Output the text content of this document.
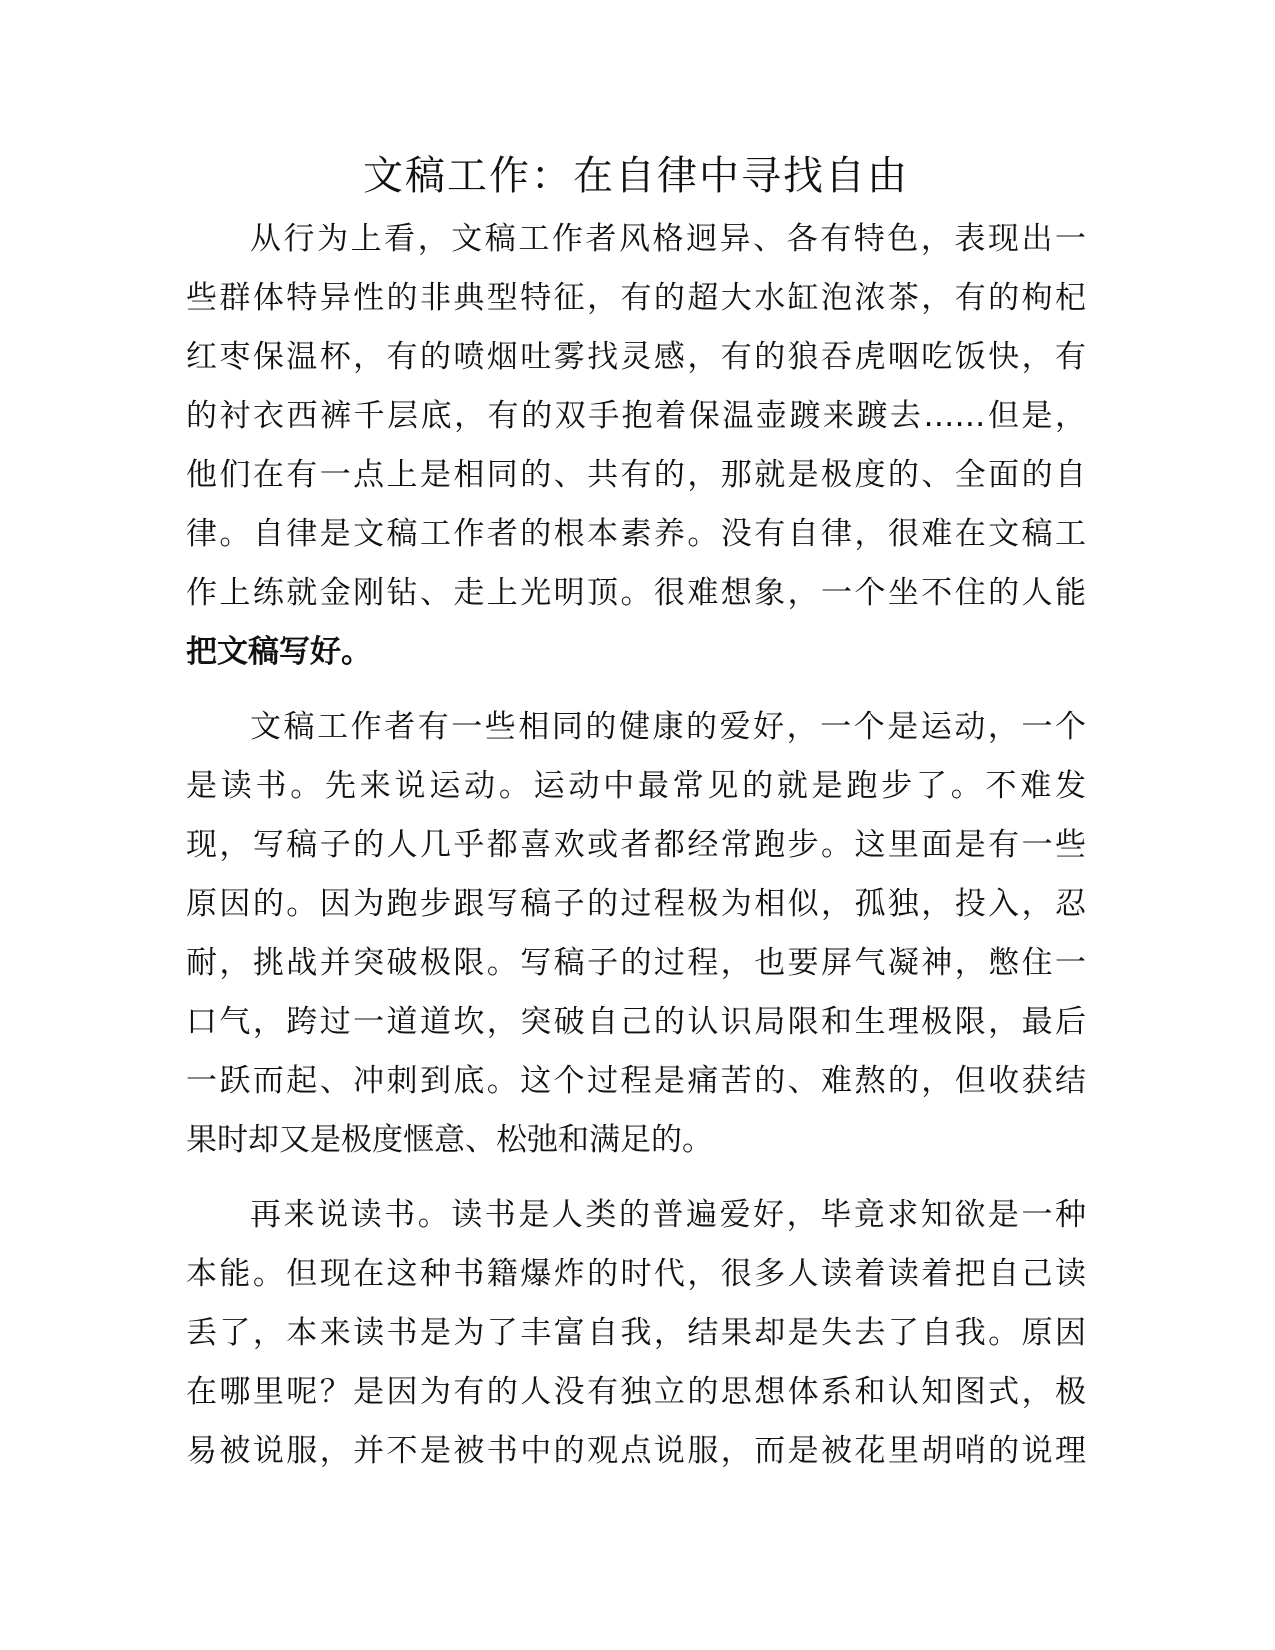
文稿工作：在自律中寻找自由
从行为上看，文稿工作者风格迥异、各有特色，表现出一
些群体特异性的非典型特征，有的超大水缸泡浓茶，有的枸杞
红枣保温杯，有的喷烟吐雾找灵感，有的狼吞虎咽吃饭快，有
的衬衣西裤千层底，有的双手抱着保温壶踱来踱去……但是，
他们在有一点上是相同的、共有的，那就是极度的、全面的自
律。自律是文稿工作者的根本素养。没有自律，很难在文稿工
作上练就金刚钻、走上光明顶。很难想象，一个坐不住的人能
把文稿写好。
文稿工作者有一些相同的健康的爱好，一个是运动，一个
是读书。先来说运动。运动中最常见的就是跑步了。不难发
现，写稿子的人几乎都喜欢或者都经常跑步。这里面是有一些
原因的。因为跑步跟写稿子的过程极为相似，孤独，投入，忍
耐，挑战并突破极限。写稿子的过程，也要屏气凝神，憋住一
口气，跨过一道道坎，突破自己的认识局限和生理极限，最后
一跃而起、冲刺到底。这个过程是痛苦的、难熬的，但收获结
果时却又是极度惬意、松弛和满足的。
再来说读书。读书是人类的普遍爱好，毕竟求知欲是一种
本能。但现在这种书籍爆炸的时代，很多人读着读着把自己读
丢了，本来读书是为了丰富自我，结果却是失去了自我。原因
在哪里呢？是因为有的人没有独立的思想体系和认知图式，极
易被说服，并不是被书中的观点说服，而是被花里胡哨的说理
